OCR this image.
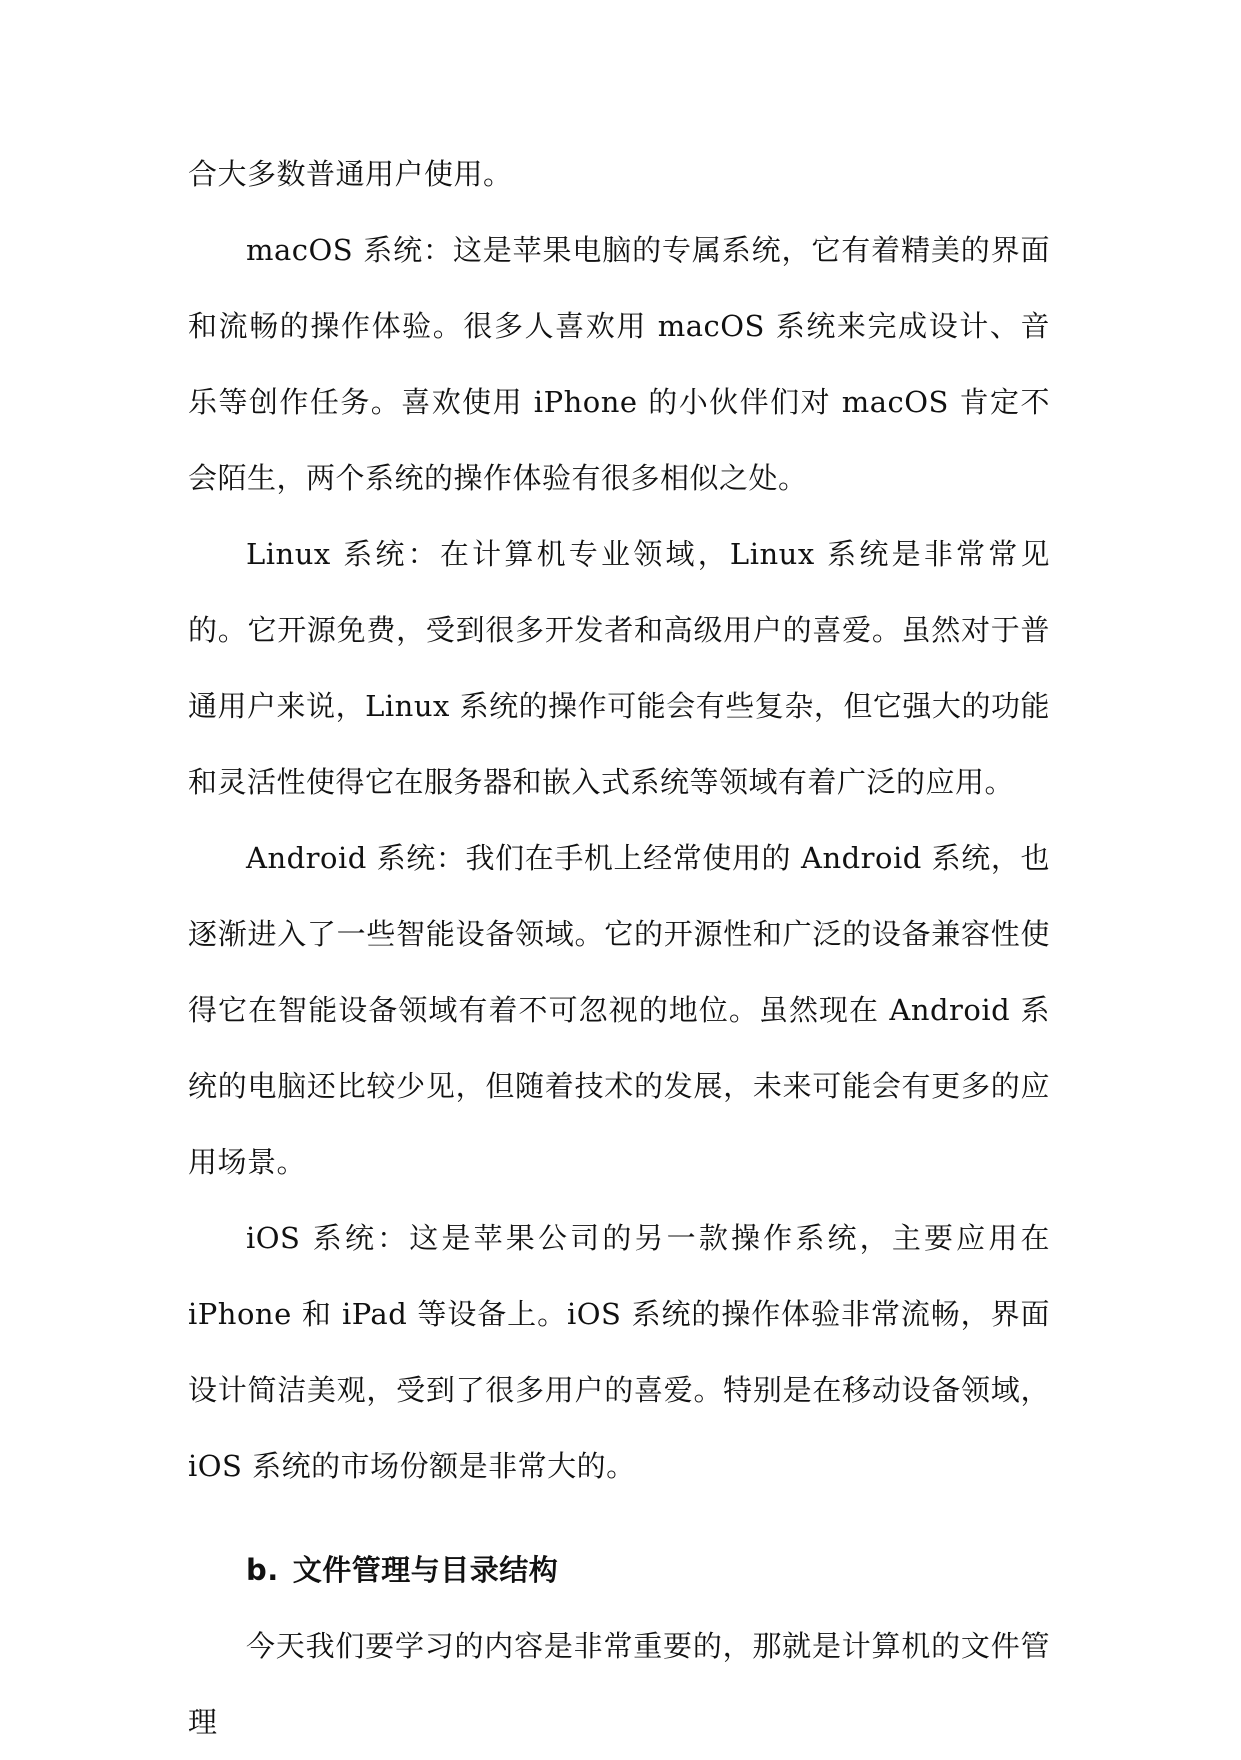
合大多数普通用户使用。

macOS 系统：这是苹果电脑的专属系统，它有着精美的界面和流畅的操作体验。很多人喜欢用 macOS 系统来完成设计、音乐等创作任务。喜欢使用 iPhone 的小伙伴们对 macOS 肯定不会陌生，两个系统的操作体验有很多相似之处。

Linux 系统：在计算机专业领域，Linux 系统是非常常见的。它开源免费，受到很多开发者和高级用户的喜爱。虽然对于普通用户来说，Linux 系统的操作可能会有些复杂，但它强大的功能和灵活性使得它在服务器和嵌入式系统等领域有着广泛的应用。

Android 系统：我们在手机上经常使用的 Android 系统，也逐渐进入了一些智能设备领域。它的开源性和广泛的设备兼容性使得它在智能设备领域有着不可忽视的地位。虽然现在 Android 系统的电脑还比较少见，但随着技术的发展，未来可能会有更多的应用场景。

iOS 系统：这是苹果公司的另一款操作系统，主要应用在 iPhone 和 iPad 等设备上。iOS 系统的操作体验非常流畅，界面设计简洁美观，受到了很多用户的喜爱。特别是在移动设备领域，iOS 系统的市场份额是非常大的。

b. 文件管理与目录结构

今天我们要学习的内容是非常重要的，那就是计算机的文件管理
